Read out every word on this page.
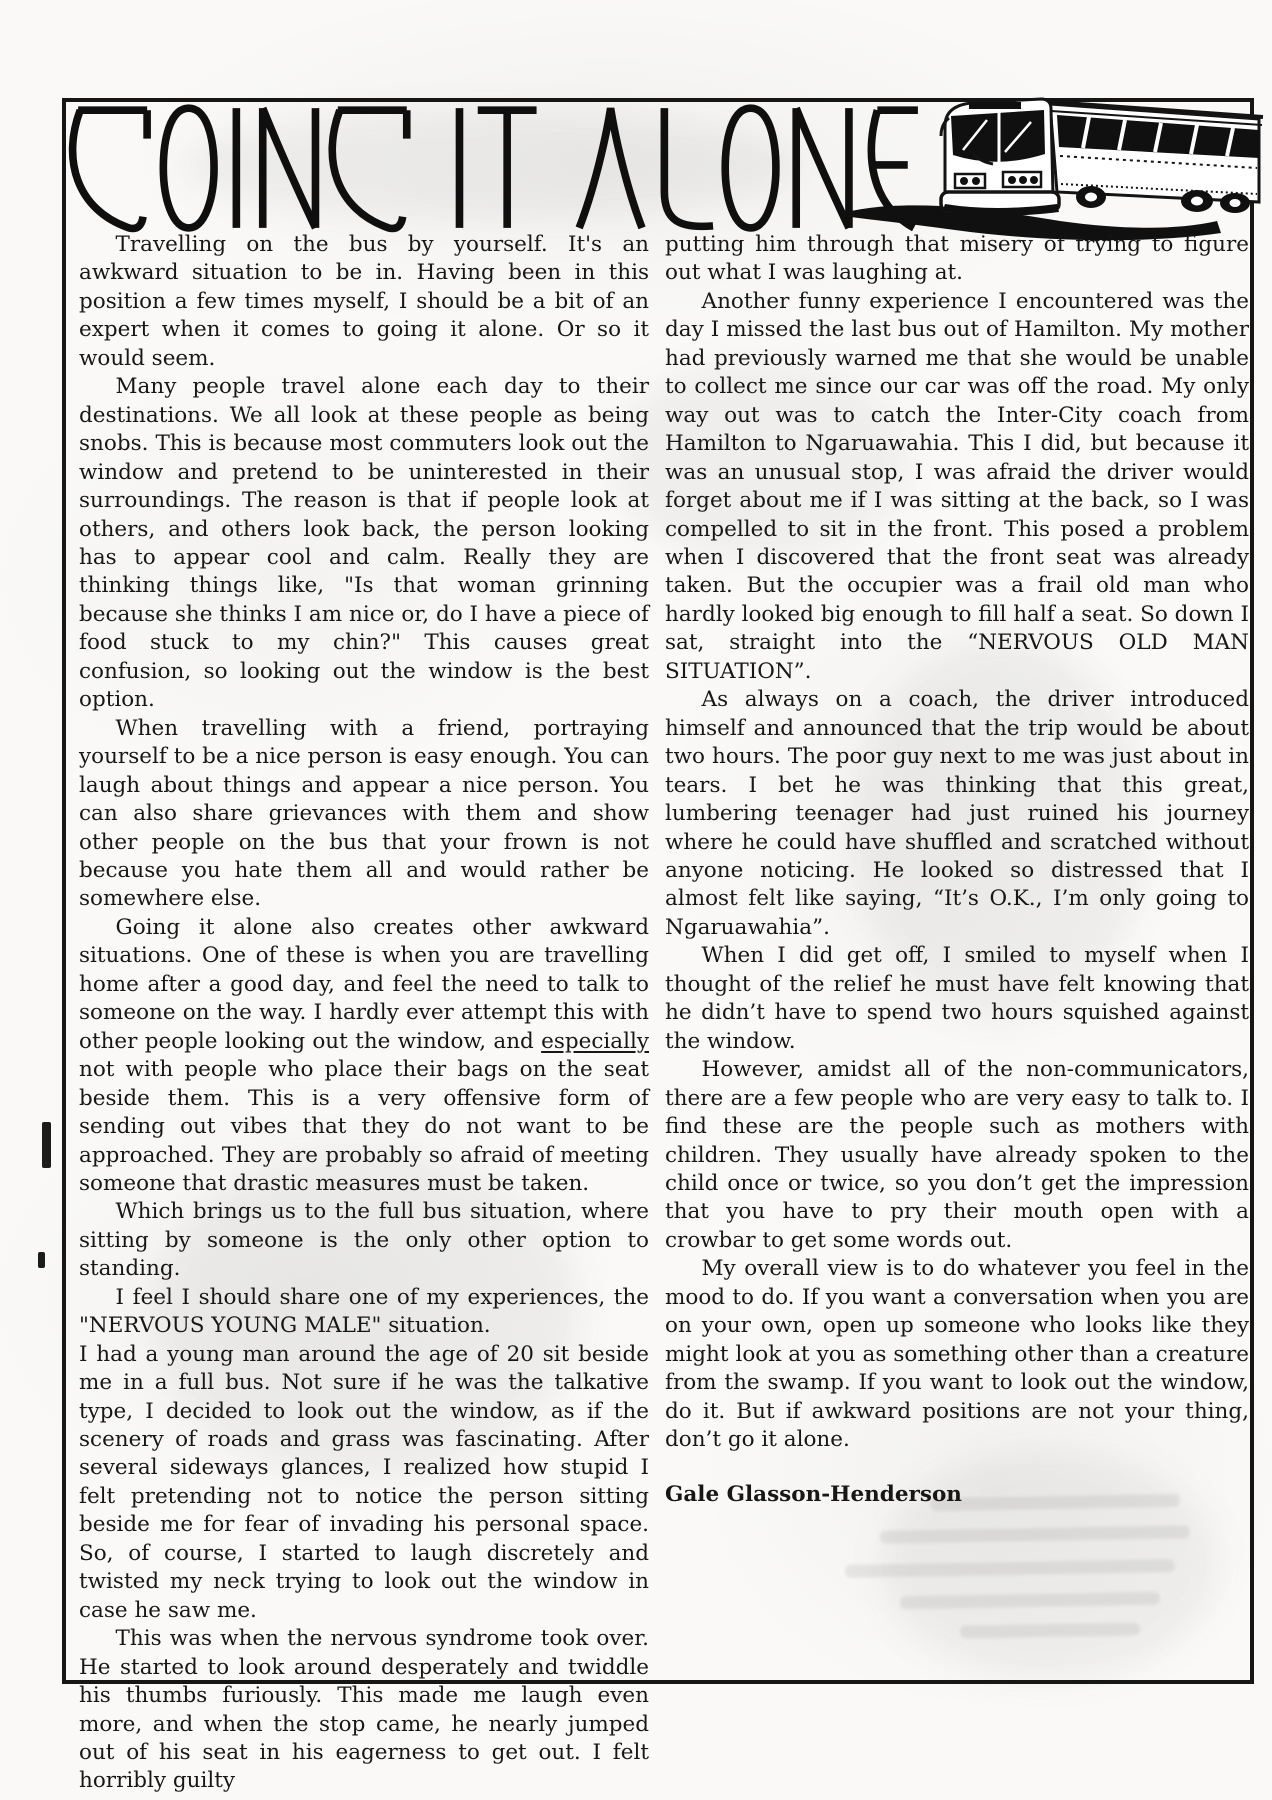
Travelling on the bus by yourself. It's an awkward situation to be in. Having been in this position a few times myself, I should be a bit of an expert when it comes to going it alone. Or so it would seem.

Many people travel alone each day to their destinations. We all look at these people as being snobs. This is because most commuters look out the window and pretend to be uninterested in their surroundings. The reason is that if people look at others, and others look back, the person looking has to appear cool and calm. Really they are thinking things like, "Is that woman grinning because she thinks I am nice or, do I have a piece of food stuck to my chin?" This causes great confusion, so looking out the window is the best option.

When travelling with a friend, portraying yourself to be a nice person is easy enough. You can laugh about things and appear a nice person. You can also share grievances with them and show other people on the bus that your frown is not because you hate them all and would rather be somewhere else.

Going it alone also creates other awkward situations. One of these is when you are travelling home after a good day, and feel the need to talk to someone on the way. I hardly ever attempt this with other people looking out the window, and especially not with people who place their bags on the seat beside them. This is a very offensive form of sending out vibes that they do not want to be approached. They are probably so afraid of meeting someone that drastic measures must be taken.

Which brings us to the full bus situation, where sitting by someone is the only other option to standing.

I feel I should share one of my experiences, the "NERVOUS YOUNG MALE" situation.

I had a young man around the age of 20 sit beside me in a full bus. Not sure if he was the talkative type, I decided to look out the window, as if the scenery of roads and grass was fascinating. After several sideways glances, I realized how stupid I felt pretending not to notice the person sitting beside me for fear of invading his personal space. So, of course, I started to laugh discretely and twisted my neck trying to look out the window in case he saw me.

This was when the nervous syndrome took over. He started to look around desperately and twiddle his thumbs furiously. This made me laugh even more, and when the stop came, he nearly jumped out of his seat in his eagerness to get out. I felt horribly guilty

putting him through that misery of trying to figure out what I was laughing at.

Another funny experience I encountered was the day I missed the last bus out of Hamilton. My mother had previously warned me that she would be unable to collect me since our car was off the road. My only way out was to catch the Inter-City coach from Hamilton to Ngaruawahia. This I did, but because it was an unusual stop, I was afraid the driver would forget about me if I was sitting at the back, so I was compelled to sit in the front. This posed a problem when I discovered that the front seat was already taken. But the occupier was a frail old man who hardly looked big enough to fill half a seat. So down I sat, straight into the “NERVOUS OLD MAN SITUATION”.

As always on a coach, the driver introduced himself and announced that the trip would be about two hours. The poor guy next to me was just about in tears. I bet he was thinking that this great, lumbering teenager had just ruined his journey where he could have shuffled and scratched without anyone noticing. He looked so distressed that I almost felt like saying, “It’s O.K., I’m only going to Ngaruawahia”.

When I did get off, I smiled to myself when I thought of the relief he must have felt knowing that he didn’t have to spend two hours squished against the window.

However, amidst all of the non-communicators, there are a few people who are very easy to talk to. I find these are the people such as mothers with children. They usually have already spoken to the child once or twice, so you don’t get the impression that you have to pry their mouth open with a crowbar to get some words out.

My overall view is to do whatever you feel in the mood to do. If you want a conversation when you are on your own, open up someone who looks like they might look at you as something other than a creature from the swamp. If you want to look out the window, do it. But if awkward positions are not your thing, don’t go it alone.

Gale Glasson-Henderson
